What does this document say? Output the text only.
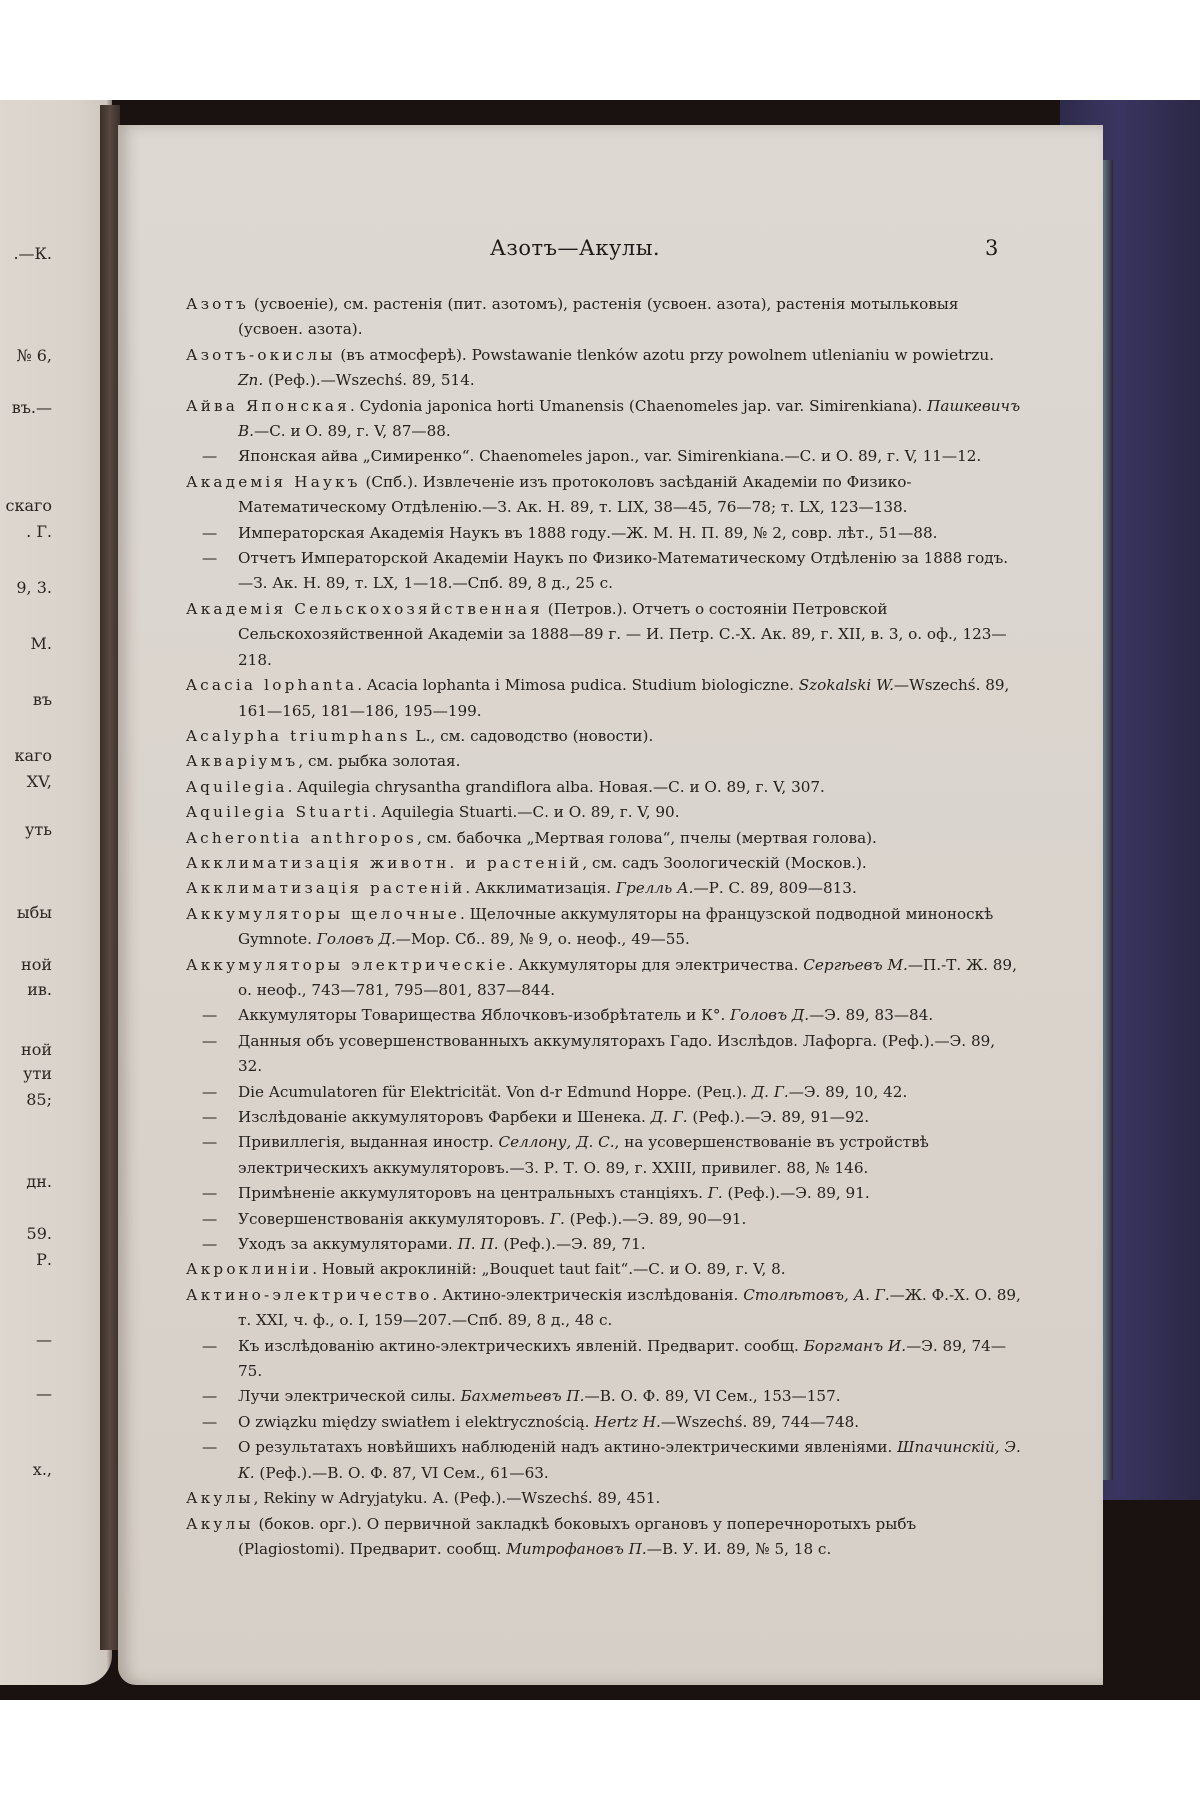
.—К.
№ 6,
въ.—
скаго
. Г.
9, 3.
М.
въ
каго
XV,
уть
ыбы
ной
ив.
ной
ути
85;
дн.
59.
Р.
—
—
х.,
Азотъ—Акулы.	3

Азотъ (усвоеніе), см. растенія (пит. азотомъ), растенія (усвоен. азота), растенія мотыльковыя (усвоен. азота).

Азотъ-окислы (въ атмосферѣ). Powstawanie tlenków azotu przy powolnem utlenianiu w powietrzu. Zn. (Реф.).—Wszechś. 89, 514.

Айва Японская. Cydonia japonica horti Umanensis (Chaenomeles jap. var. Simirenkiana). Пашкевичъ В.—С. и О. 89, г. V, 87—88.

— Японская айва „Симиренко“. Chaenomeles japon., var. Simirenkiana.—С. и О. 89, г. V, 11—12.

Академія Наукъ (Спб.). Извлеченіе изъ протоколовъ засѣданій Академіи по Физико-Математическому Отдѣленію.—З. Ак. Н. 89, т. LIX, 38—45, 76—78; т. LX, 123—138.

— Императорская Академія Наукъ въ 1888 году.—Ж. М. Н. П. 89, № 2, совр. лѣт., 51—88.

— Отчетъ Императорской Академіи Наукъ по Физико-Математическому Отдѣленію за 1888 годъ. —З. Ак. Н. 89, т. LX, 1—18.—Спб. 89, 8 д., 25 с.

Академія Сельскохозяйственная (Петров.). Отчетъ о состояніи Петровской Сельскохозяйственной Академіи за 1888—89 г. — И. Петр. С.-Х. Ак. 89, г. XII, в. 3, о. оф., 123—218.

Acacia lophanta. Acacia lophanta i Mimosa pudica. Studium biologiczne. Szokalski W.—Wszechś. 89, 161—165, 181—186, 195—199.

Acalypha triumphans L., см. садоводство (новости).

Акваріумъ, см. рыбка золотая.

Aquilegia. Aquilegia chrysantha grandiflora alba. Новая.—С. и О. 89, г. V, 307.

Aquilegia Stuarti. Aquilegia Stuarti.—С. и О. 89, г. V, 90.

Acherontia anthropos, см. бабочка „Мертвая голова“, пчелы (мертвая голова).

Акклиматизація животн. и растеній, см. садъ Зоологическій (Москов.).

Акклиматизація растеній. Акклиматизація. Грелль А.—Р. С. 89, 809—813.

Аккумуляторы щелочные. Щелочные аккумуляторы на французской подводной миноноскѣ Gymnote. Головъ Д.—Мор. Сб.. 89, № 9, о. неоф., 49—55.

Аккумуляторы электрическіе. Аккумуляторы для электричества. Сергѣевъ М.—П.-Т. Ж. 89, о. неоф., 743—781, 795—801, 837—844.

— Аккумуляторы Товарищества Яблочковъ-изобрѣтатель и К°. Головъ Д.—Э. 89, 83—84.

— Данныя объ усовершенствованныхъ аккумуляторахъ Гадо. Изслѣдов. Лафорга. (Реф.).—Э. 89, 32.

— Die Acumulatoren für Elektricität. Von d-r Edmund Hoppe. (Рец.). Д. Г.—Э. 89, 10, 42.

— Изслѣдованіе аккумуляторовъ Фарбеки и Шенека. Д. Г. (Реф.).—Э. 89, 91—92.

— Привиллегія, выданная иностр. Селлону, Д. С., на усовершенствованіе въ устройствѣ электрическихъ аккумуляторовъ.—З. Р. Т. О. 89, г. XXIII, привилег. 88, № 146.

— Примѣненіе аккумуляторовъ на центральныхъ станціяхъ. Г. (Реф.).—Э. 89, 91.

— Усовершенствованія аккумуляторовъ. Г. (Реф.).—Э. 89, 90—91.

— Уходъ за аккумуляторами. П. П. (Реф.).—Э. 89, 71.

Акроклиніи. Новый акроклиній: „Bouquet taut fait“.—С. и О. 89, г. V, 8.

Актино-электричество. Актино-электрическія изслѣдованія. Столѣтовъ, А. Г.—Ж. Ф.-Х. О. 89, т. XXI, ч. ф., о. I, 159—207.—Спб. 89, 8 д., 48 с.

— Къ изслѣдованію актино-электрическихъ явленій. Предварит. сообщ. Боргманъ И.—Э. 89, 74—75.

— Лучи электрической силы. Бахметьевъ П.—В. О. Ф. 89, VI Сем., 153—157.

— O związku między swiatłem i elektrycznością. Hertz H.—Wszechś. 89, 744—748.

— О результатахъ новѣйшихъ наблюденій надъ актино-электрическими явленіями. Шпачинскій, Э. К. (Реф.).—В. О. Ф. 87, VI Сем., 61—63.

Акулы, Rekiny w Adryjatyku. А. (Реф.).—Wszechś. 89, 451.

Акулы (боков. орг.). О первичной закладкѣ боковыхъ органовъ у поперечноротыхъ рыбъ (Plagiostomi). Предварит. сообщ. Митрофановъ П.—В. У. И. 89, № 5, 18 с.
